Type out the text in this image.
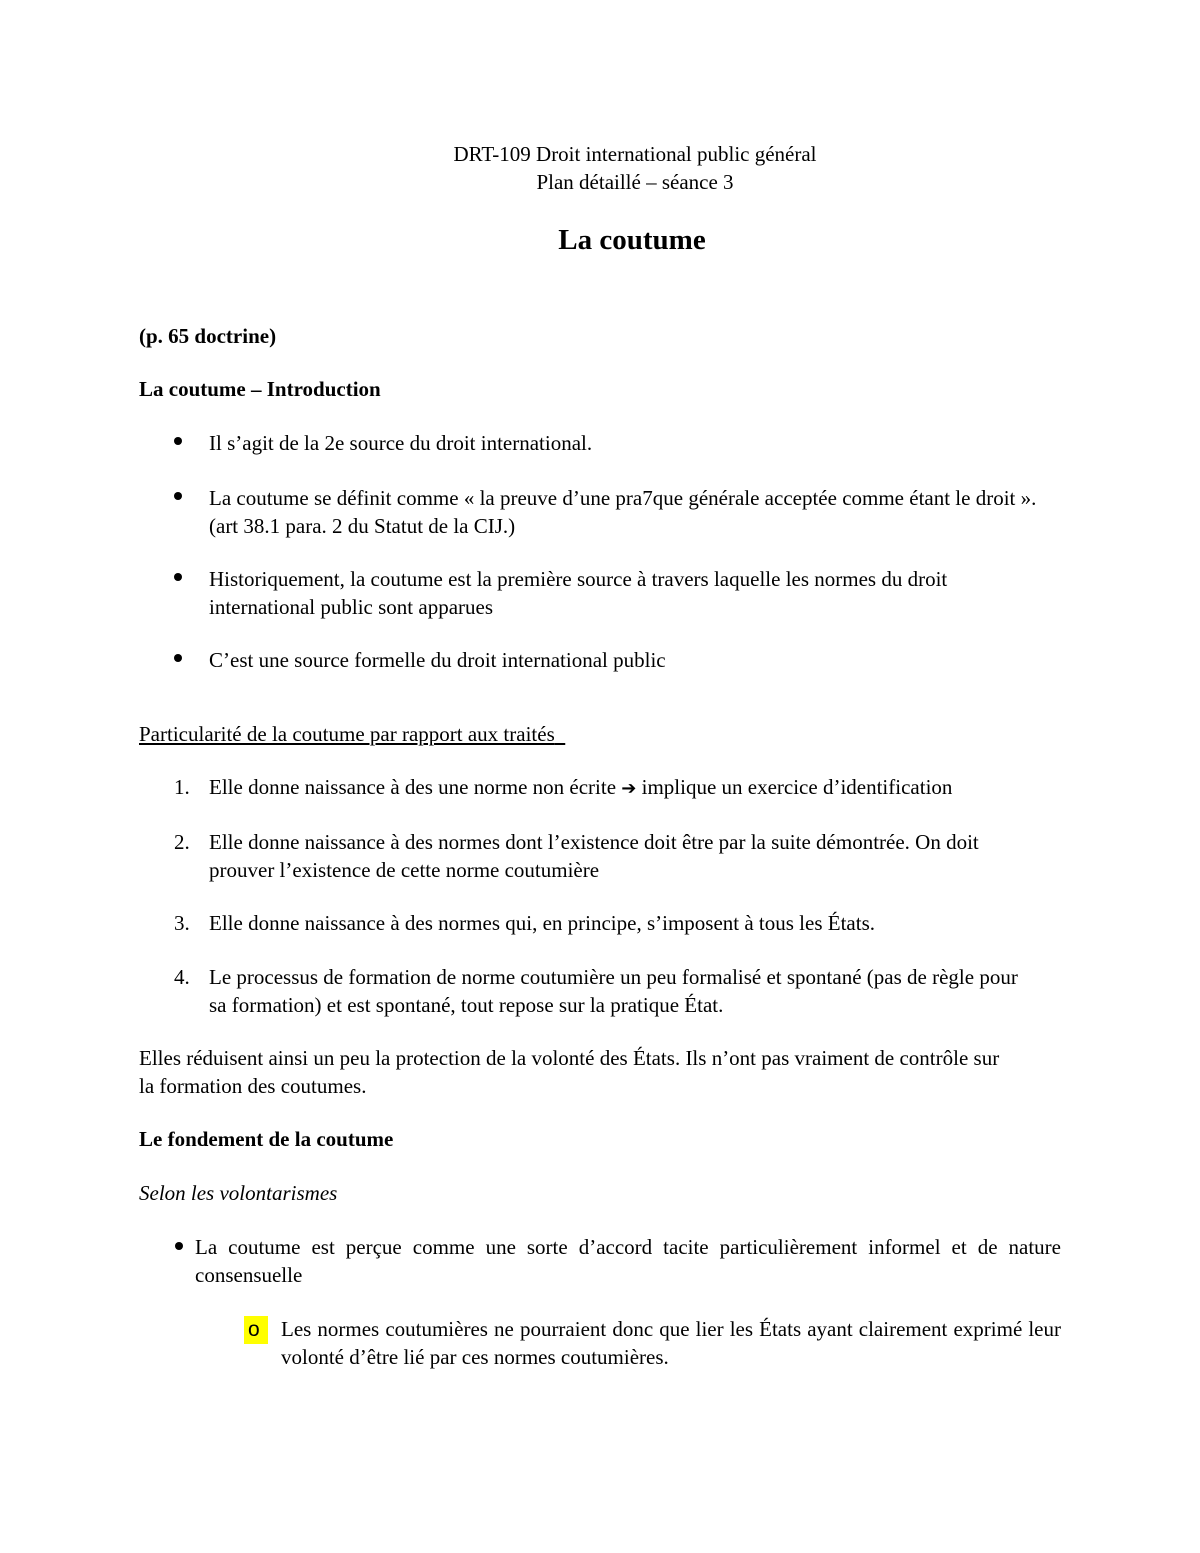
DRT-109 Droit international public général
Plan détaillé – séance 3
La coutume
(p. 65 doctrine)
La coutume – Introduction
Il s’agit de la 2e source du droit international.
La coutume se définit comme « la preuve d’une pra7que générale acceptée comme étant le droit ». (art 38.1 para. 2 du Statut de la CIJ.)
Historiquement, la coutume est la première source à travers laquelle les normes du droit international public sont apparues
C’est une source formelle du droit international public
Particularité de la coutume par rapport aux traités
1. Elle donne naissance à des une norme non écrite ➔ implique un exercice d’identification
2. Elle donne naissance à des normes dont l’existence doit être par la suite démontrée. On doit prouver l’existence de cette norme coutumière
3. Elle donne naissance à des normes qui, en principe, s’imposent à tous les États.
4. Le processus de formation de norme coutumière un peu formalisé et spontané (pas de règle pour sa formation) et est spontané, tout repose sur la pratique État.
Elles réduisent ainsi un peu la protection de la volonté des États. Ils n’ont pas vraiment de contrôle sur la formation des coutumes.
Le fondement de la coutume
Selon les volontarismes
La coutume est perçue comme une sorte d’accord tacite particulièrement informel et de nature consensuelle
o	Les normes coutumières ne pourraient donc que lier les États ayant clairement exprimé leur volonté d’être lié par ces normes coutumières.
